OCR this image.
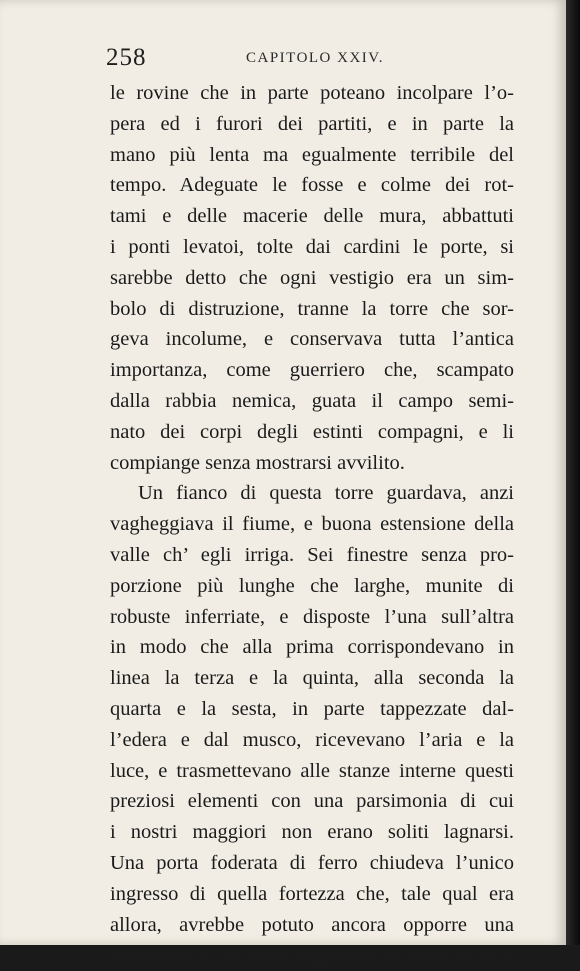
258	CAPITOLO XXIV.
le rovine che in parte poteano incolpare l’o-
pera ed i furori dei partiti, e in parte la
mano più lenta ma egualmente terribile del
tempo. Adeguate le fosse e colme dei rot-
tami e delle macerie delle mura, abbattuti
i ponti levatoi, tolte dai cardini le porte, si
sarebbe detto che ogni vestigio era un sim-
bolo di distruzione, tranne la torre che sor-
geva incolume, e conservava tutta l’antica
importanza, come guerriero che, scampato
dalla rabbia nemica, guata il campo semi-
nato dei corpi degli estinti compagni, e li
compiange senza mostrarsi avvilito.
Un fianco di questa torre guardava, anzi
vagheggiava il fiume, e buona estensione della
valle ch’ egli irriga. Sei finestre senza pro-
porzione più lunghe che larghe, munite di
robuste inferriate, e disposte l’una sull’altra
in modo che alla prima corrispondevano in
linea la terza e la quinta, alla seconda la
quarta e la sesta, in parte tappezzate dal-
l’edera e dal musco, ricevevano l’aria e la
luce, e trasmettevano alle stanze interne questi
preziosi elementi con una parsimonia di cui
i nostri maggiori non erano soliti lagnarsi.
Una porta foderata di ferro chiudeva l’unico
ingresso di quella fortezza che, tale qual era
allora, avrebbe potuto ancora opporre una
resistenza di qualche riguardo, semprechè non
